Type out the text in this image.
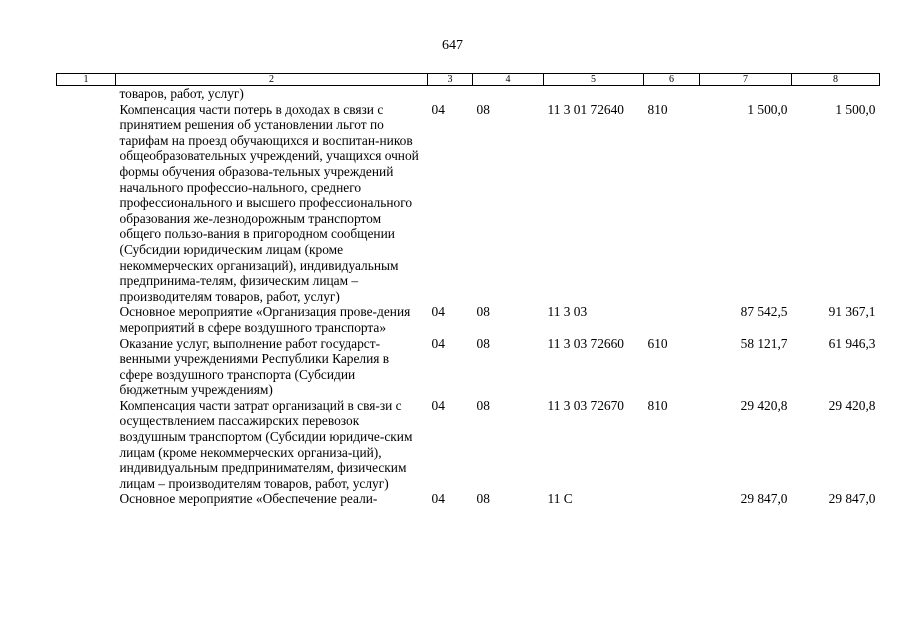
647
1	2	3	4	5	6	7	8
	товаров, работ, услуг)						
	Компенсация части потерь в доходах в связи с принятием решения об установлении льгот по тарифам на проезд обучающихся и воспитан-ников общеобразовательных учреждений, учащихся очной формы обучения образова-тельных учреждений начального профессио-нального, среднего профессионального и высшего профессионального образования же-лезнодорожным транспортом общего пользо-вания в пригородном сообщении (Субсидии юридическим лицам (кроме некоммерческих организаций), индивидуальным предпринима-телям, физическим лицам – производителям товаров, работ, услуг)	04	08	11 3 01 72640	810	1 500,0	1 500,0
	Основное мероприятие «Организация прове-дения мероприятий в сфере воздушного транспорта»	04	08	11 3 03		87 542,5	91 367,1
	Оказание услуг, выполнение работ государст-венными учреждениями Республики Карелия в сфере воздушного транспорта (Субсидии бюджетным учреждениям)	04	08	11 3 03 72660	610	58 121,7	61 946,3
	Компенсация части затрат организаций в свя-зи с осуществлением пассажирских перевозок воздушным транспортом (Субсидии юридиче-ским лицам (кроме некоммерческих организа-ций), индивидуальным предпринимателям, физическим лицам – производителям товаров, работ, услуг)	04	08	11 3 03 72670	810	29 420,8	29 420,8
	Основное мероприятие «Обеспечение реали-	04	08	11 С		29 847,0	29 847,0
